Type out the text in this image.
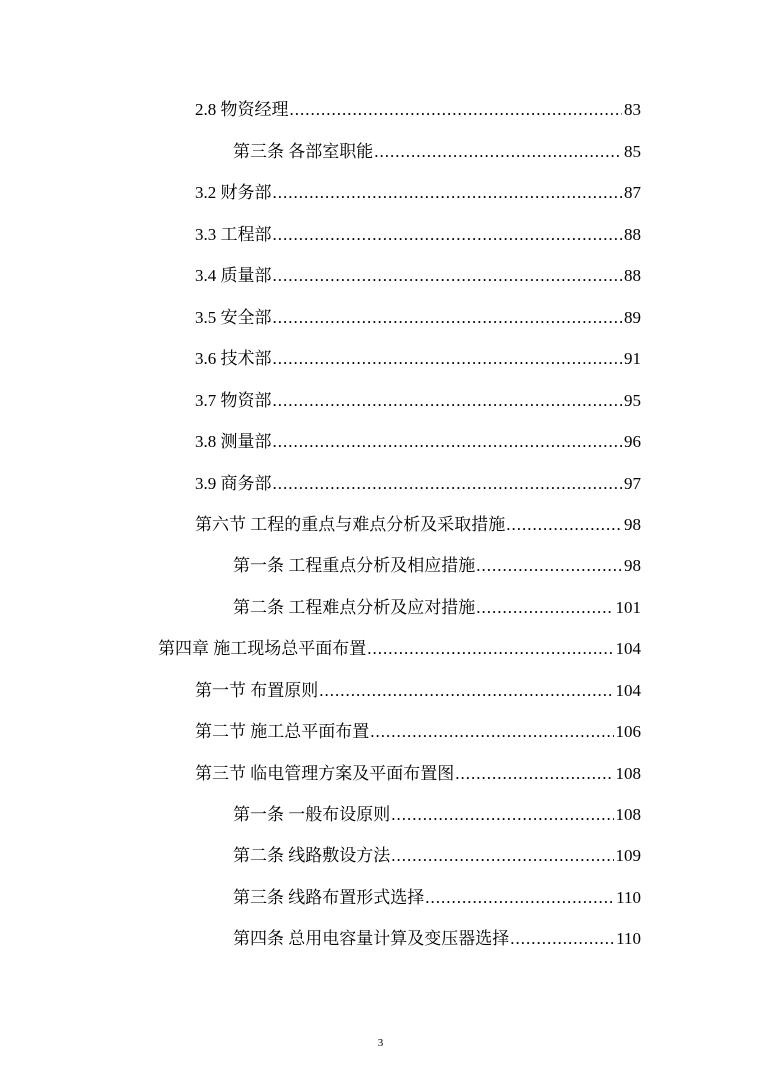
2.8 物资经理 .....	83
第三条 各部室职能 .....	85
3.2 财务部 .....	87
3.3 工程部 .....	88
3.4 质量部 .....	88
3.5 安全部 .....	89
3.6 技术部 .....	91
3.7 物资部 .....	95
3.8 测量部 .....	96
3.9 商务部 .....	97
第六节 工程的重点与难点分析及采取措施 .....	98
第一条 工程重点分析及相应措施 .....	98
第二条 工程难点分析及应对措施 .....	101
第四章 施工现场总平面布置 .....	104
第一节 布置原则 .....	104
第二节 施工总平面布置 .....	106
第三节 临电管理方案及平面布置图 .....	108
第一条 一般布设原则 .....	108
第二条 线路敷设方法 .....	109
第三条 线路布置形式选择 .....	110
第四条 总用电容量计算及变压器选择 .....	110
3
